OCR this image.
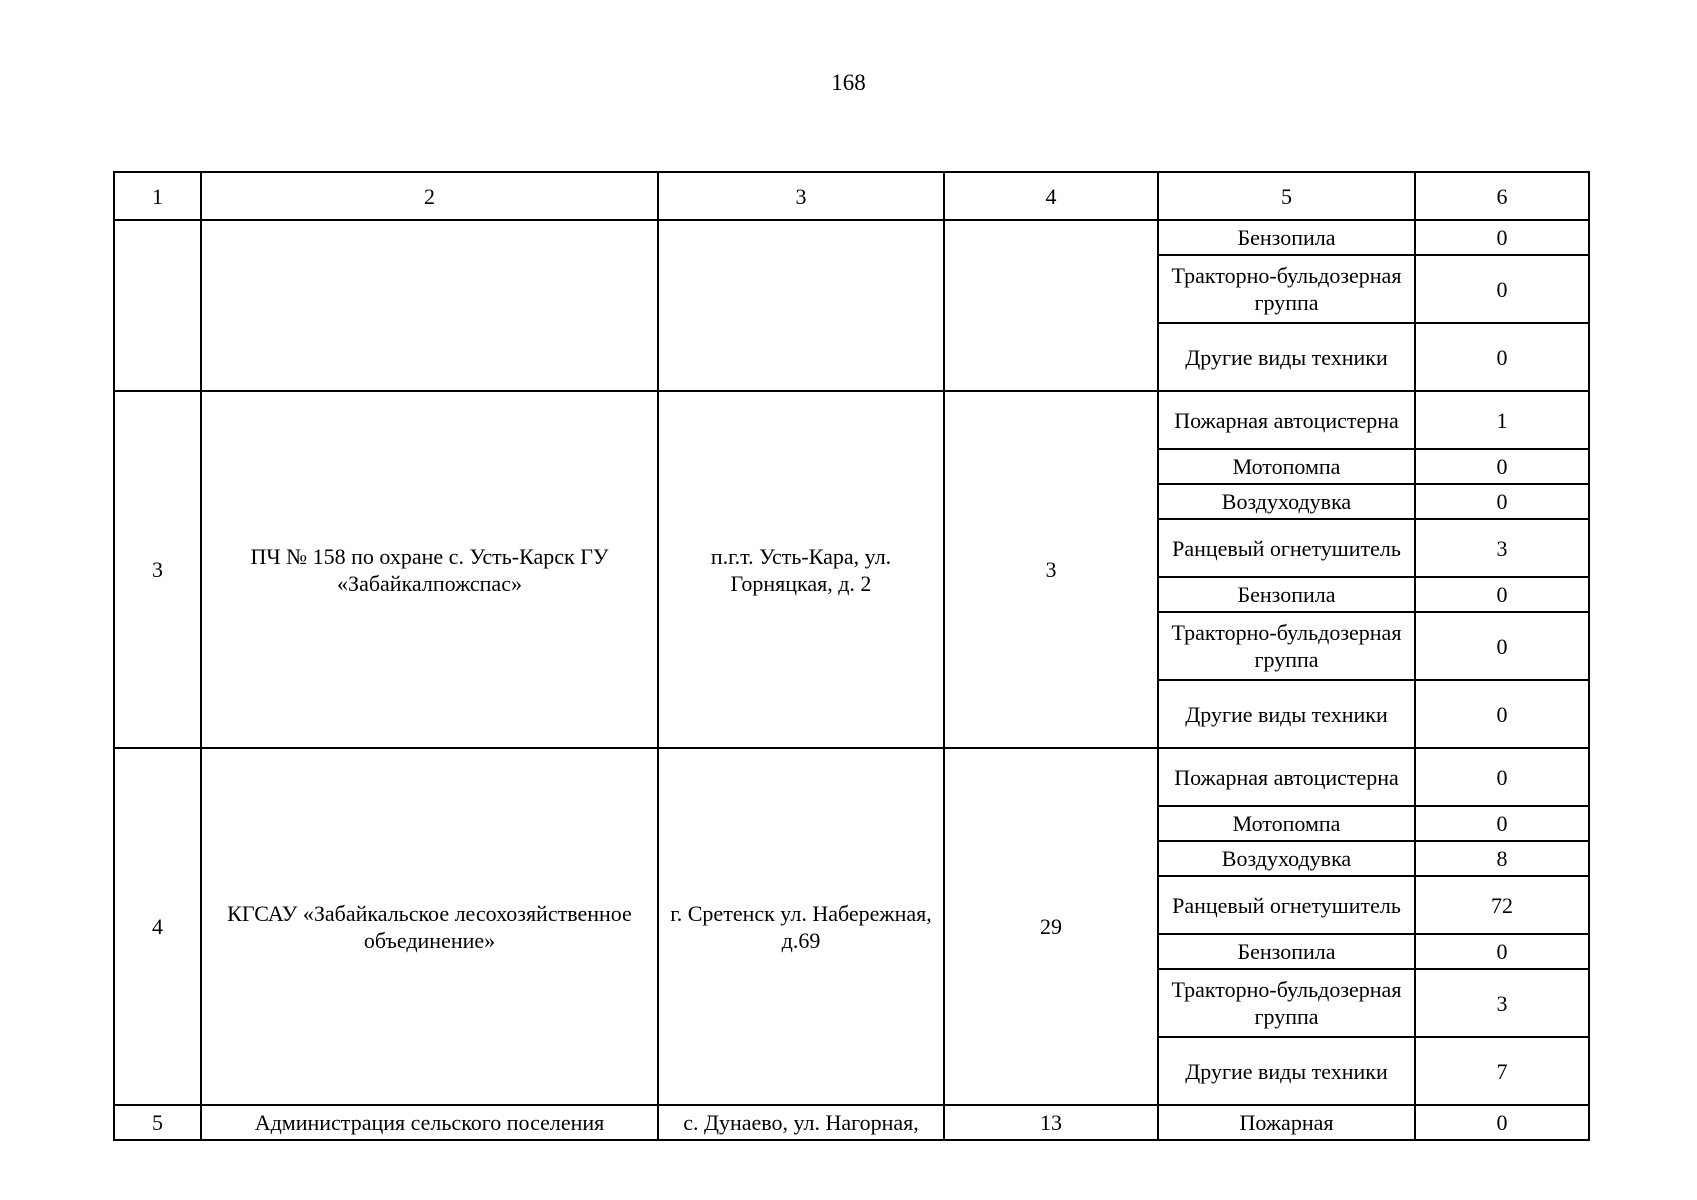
168
1	2	3	4	5	6
				Бензопила	0
				Тракторно-бульдозерная группа	0
				Другие виды техники	0
3	ПЧ № 158 по охране с. Усть-Карск ГУ «Забайкалпожспас»	п.г.т. Усть-Кара, ул. Горняцкая, д. 2	3	Пожарная автоцистерна	1
				Мотопомпа	0
				Воздуходувка	0
				Ранцевый огнетушитель	3
				Бензопила	0
				Тракторно-бульдозерная группа	0
				Другие виды техники	0
4	КГСАУ «Забайкальское лесохозяйственное объединение»	г. Сретенск ул. Набережная, д.69	29	Пожарная автоцистерна	0
				Мотопомпа	0
				Воздуходувка	8
				Ранцевый огнетушитель	72
				Бензопила	0
				Тракторно-бульдозерная группа	3
				Другие виды техники	7
5	Администрация сельского поселения	с. Дунаево, ул. Нагорная,	13	Пожарная	0
